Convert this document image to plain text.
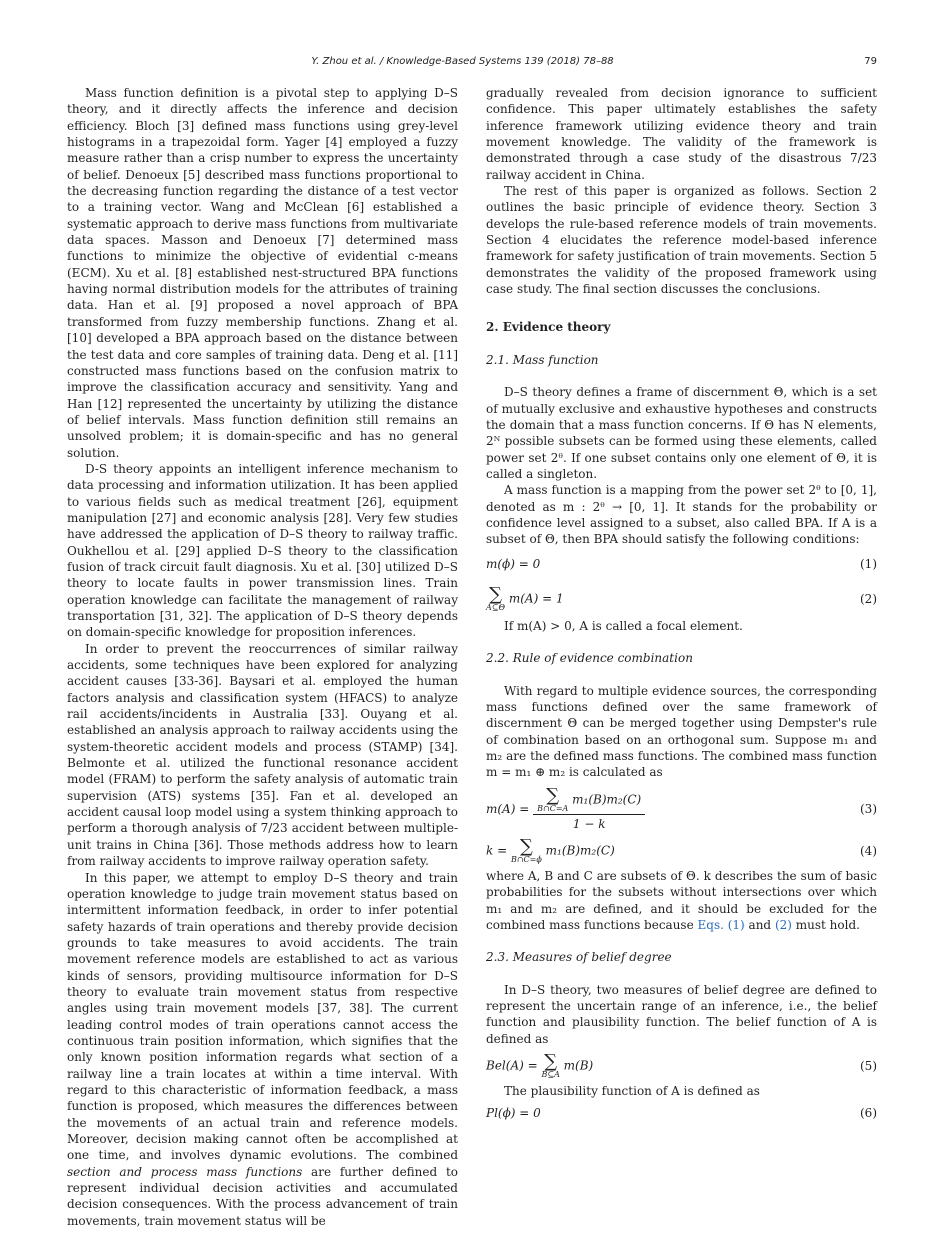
Y. Zhou et al. / Knowledge-Based Systems 139 (2018) 78–88	79

Mass function definition is a pivotal step to applying D–S theory, and it directly affects the inference and decision efficiency. Bloch [3] defined mass functions using grey-level histograms in a trapezoidal form. Yager [4] employed a fuzzy measure rather than a crisp number to express the uncertainty of belief. Denoeux [5] described mass functions proportional to the decreasing function regarding the distance of a test vector to a training vector. Wang and McClean [6] established a systematic approach to derive mass functions from multivariate data spaces. Masson and Denoeux [7] determined mass functions to minimize the objective of evidential c-means (ECM). Xu et al. [8] established nest-structured BPA functions having normal distribution models for the attributes of training data. Han et al. [9] proposed a novel approach of BPA transformed from fuzzy membership functions. Zhang et al. [10] developed a BPA approach based on the distance between the test data and core samples of training data. Deng et al. [11] constructed mass functions based on the confusion matrix to improve the classification accuracy and sensitivity. Yang and Han [12] represented the uncertainty by utilizing the distance of belief intervals. Mass function definition still remains an unsolved problem; it is domain-specific and has no general solution.

D-S theory appoints an intelligent inference mechanism to data processing and information utilization. It has been applied to various fields such as medical treatment [26], equipment manipulation [27] and economic analysis [28]. Very few studies have addressed the application of D–S theory to railway traffic. Oukhellou et al. [29] applied D–S theory to the classification fusion of track circuit fault diagnosis. Xu et al. [30] utilized D–S theory to locate faults in power transmission lines. Train operation knowledge can facilitate the management of railway transportation [31, 32]. The application of D–S theory depends on domain-specific knowledge for proposition inferences.

In order to prevent the reoccurrences of similar railway accidents, some techniques have been explored for analyzing accident causes [33-36]. Baysari et al. employed the human factors analysis and classification system (HFACS) to analyze rail accidents/incidents in Australia [33]. Ouyang et al. established an analysis approach to railway accidents using the system-theoretic accident models and process (STAMP) [34]. Belmonte et al. utilized the functional resonance accident model (FRAM) to perform the safety analysis of automatic train supervision (ATS) systems [35]. Fan et al. developed an accident causal loop model using a system thinking approach to perform a thorough analysis of 7/23 accident between multiple-unit trains in China [36]. Those methods address how to learn from railway accidents to improve railway operation safety.

In this paper, we attempt to employ D–S theory and train operation knowledge to judge train movement status based on intermittent information feedback, in order to infer potential safety hazards of train operations and thereby provide decision grounds to take measures to avoid accidents. The train movement reference models are established to act as various kinds of sensors, providing multisource information for D–S theory to evaluate train movement status from respective angles using train movement models [37, 38]. The current leading control modes of train operations cannot access the continuous train position information, which signifies that the only known position information regards what section of a railway line a train locates at within a time interval. With regard to this characteristic of information feedback, a mass function is proposed, which measures the differences between the movements of an actual train and reference models. Moreover, decision making cannot often be accomplished at one time, and involves dynamic evolutions. The combined section and process mass functions are further defined to represent individual decision activities and accumulated decision consequences. With the process advancement of train movements, train movement status will be

gradually revealed from decision ignorance to sufficient confidence. This paper ultimately establishes the safety inference framework utilizing evidence theory and train movement knowledge. The validity of the framework is demonstrated through a case study of the disastrous 7/23 railway accident in China.

The rest of this paper is organized as follows. Section 2 outlines the basic principle of evidence theory. Section 3 develops the rule-based reference models of train movements. Section 4 elucidates the reference model-based inference framework for safety justification of train movements. Section 5 demonstrates the validity of the proposed framework using case study. The final section discusses the conclusions.

2. Evidence theory
2.1. Mass function

D–S theory defines a frame of discernment Θ, which is a set of mutually exclusive and exhaustive hypotheses and constructs the domain that a mass function concerns. If Θ has N elements, 2ᴺ possible subsets can be formed using these elements, called power set 2ᶿ. If one subset contains only one element of Θ, it is called a singleton.

A mass function is a mapping from the power set 2ᶿ to [0, 1], denoted as m : 2ᶿ → [0, 1]. It stands for the probability or confidence level assigned to a subset, also called BPA. If A is a subset of Θ, then BPA should satisfy the following conditions:

m(ϕ) = 0	(1)
∑
A⊆Θ
m(A) = 1	(2)

If m(A) > 0, A is called a focal element.

2.2. Rule of evidence combination

With regard to multiple evidence sources, the corresponding mass functions defined over the same framework of discernment Θ can be merged together using Dempster's rule of combination based on an orthogonal sum. Suppose m₁ and m₂ are the defined mass functions. The combined mass function m = m₁ ⊕ m₂ is calculated as

m(A) = ∑
B∩C=A
m₁(B)m₂(C)
1 − k	(3)
k = ∑
B∩C=ϕ
m₁(B)m₂(C)	(4)

where A, B and C are subsets of Θ. k describes the sum of basic probabilities for the subsets without intersections over which m₁ and m₂ are defined, and it should be excluded for the combined mass functions because Eqs. (1) and (2) must hold.

2.3. Measures of belief degree

In D–S theory, two measures of belief degree are defined to represent the uncertain range of an inference, i.e., the belief function and plausibility function. The belief function of A is defined as

Bel(A) = ∑
B⊆A
m(B)	(5)

The plausibility function of A is defined as

Pl(ϕ) = 0	(6)
